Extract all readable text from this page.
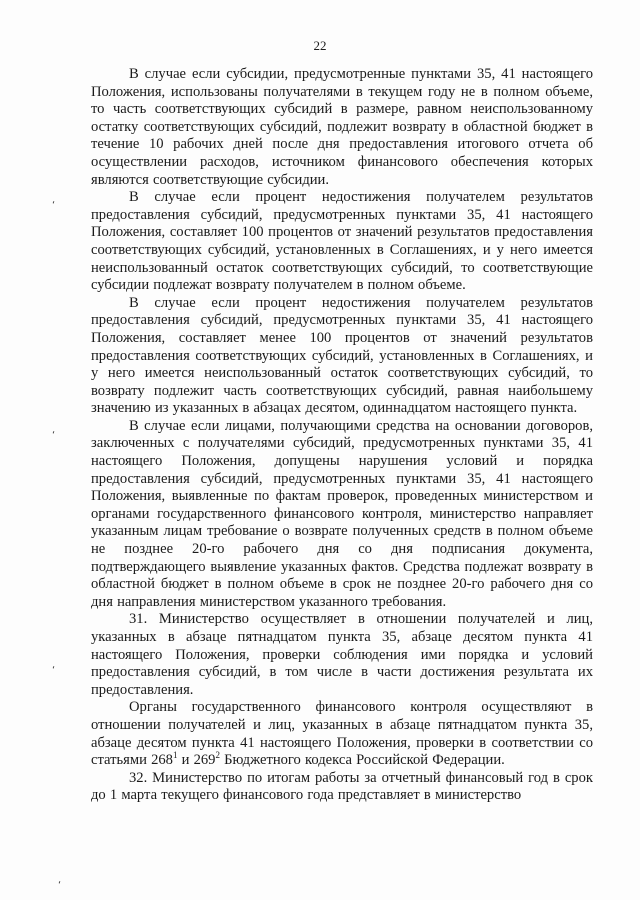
22

В случае если субсидии, предусмотренные пунктами 35, 41 настоящего Положения, использованы получателями в текущем году не в полном объеме, то часть соответствующих субсидий в размере, равном неиспользованному остатку соответствующих субсидий, подлежит возврату в областной бюджет в течение 10 рабочих дней после дня предоставления итогового отчета об осуществлении расходов, источником финансового обеспечения которых являются соответствующие субсидии.

В случае если процент недостижения получателем результатов предоставления субсидий, предусмотренных пунктами 35, 41 настоящего Положения, составляет 100 процентов от значений результатов предоставления соответствующих субсидий, установленных в Соглашениях, и у него имеется неиспользованный остаток соответствующих субсидий, то соответствующие субсидии подлежат возврату получателем в полном объеме.

В случае если процент недостижения получателем результатов предоставления субсидий, предусмотренных пунктами 35, 41 настоящего Положения, составляет менее 100 процентов от значений результатов предоставления соответствующих субсидий, установленных в Соглашениях, и у него имеется неиспользованный остаток соответствующих субсидий, то возврату подлежит часть соответствующих субсидий, равная наибольшему значению из указанных в абзацах десятом, одиннадцатом настоящего пункта.

В случае если лицами, получающими средства на основании договоров, заключенных с получателями субсидий, предусмотренных пунктами 35, 41 настоящего Положения, допущены нарушения условий и порядка предоставления субсидий, предусмотренных пунктами 35, 41 настоящего Положения, выявленные по фактам проверок, проведенных министерством и органами государственного финансового контроля, министерство направляет указанным лицам требование о возврате полученных средств в полном объеме не позднее 20-го рабочего дня со дня подписания документа, подтверждающего выявление указанных фактов. Средства подлежат возврату в областной бюджет в полном объеме в срок не позднее 20-го рабочего дня со дня направления министерством указанного требования.

31. Министерство осуществляет в отношении получателей и лиц, указанных в абзаце пятнадцатом пункта 35, абзаце десятом пункта 41 настоящего Положения, проверки соблюдения ими порядка и условий предоставления субсидий, в том числе в части достижения результата их предоставления.

Органы государственного финансового контроля осуществляют в отношении получателей и лиц, указанных в абзаце пятнадцатом пункта 35, абзаце десятом пункта 41 настоящего Положения, проверки в соответствии со статьями $268^1$ и $269^2$ Бюджетного кодекса Российской Федерации.

32. Министерство по итогам работы за отчетный финансовый год в срок до 1 марта текущего финансового года представляет в министерство

‘
‘
‘
‘
